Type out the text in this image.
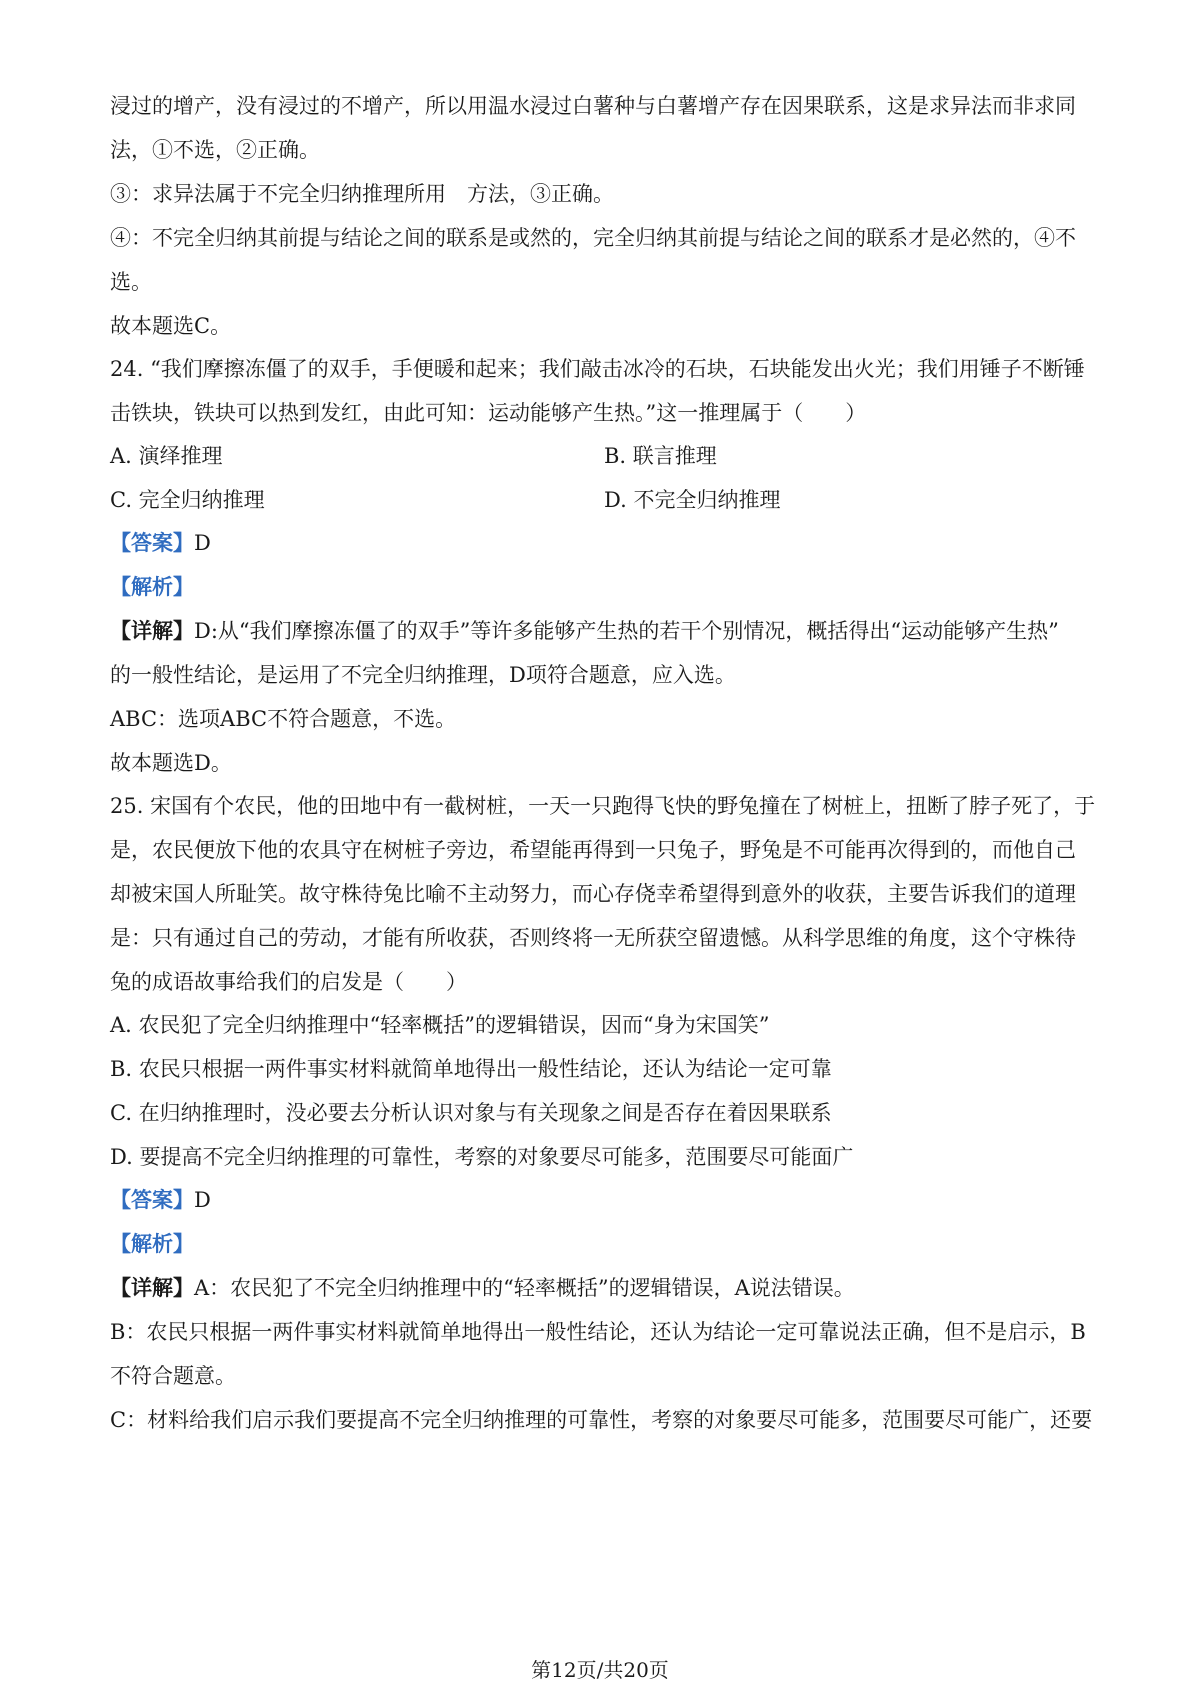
浸过的增产，没有浸过的不增产，所以用温水浸过白薯种与白薯增产存在因果联系，这是求异法而非求同
法，①不选，②正确。
③：求异法属于不完全归纳推理所用　方法，③正确。
④：不完全归纳其前提与结论之间的联系是或然的，完全归纳其前提与结论之间的联系才是必然的，④不
选。
故本题选C。
24. “我们摩擦冻僵了的双手，手便暖和起来；我们敲击冰冷的石块，石块能发出火光；我们用锤子不断锤
击铁块，铁块可以热到发红，由此可知：运动能够产生热。”这一推理属于（　　）
A. 演绎推理	B. 联言推理
C. 完全归纳推理	D. 不完全归纳推理
【答案】D
【解析】
【详解】D:从“我们摩擦冻僵了的双手”等许多能够产生热的若干个别情况，概括得出“运动能够产生热”
的一般性结论，是运用了不完全归纳推理，D项符合题意，应入选。
ABC：选项ABC不符合题意，不选。
故本题选D。
25. 宋国有个农民，他的田地中有一截树桩，一天一只跑得飞快的野兔撞在了树桩上，扭断了脖子死了，于
是，农民便放下他的农具守在树桩子旁边，希望能再得到一只兔子，野兔是不可能再次得到的，而他自己
却被宋国人所耻笑。故守株待兔比喻不主动努力，而心存侥幸希望得到意外的收获，主要告诉我们的道理
是：只有通过自己的劳动，才能有所收获，否则终将一无所获空留遗憾。从科学思维的角度，这个守株待
兔的成语故事给我们的启发是（　　）
A. 农民犯了完全归纳推理中“轻率概括”的逻辑错误，因而“身为宋国笑”
B. 农民只根据一两件事实材料就简单地得出一般性结论，还认为结论一定可靠
C. 在归纳推理时，没必要去分析认识对象与有关现象之间是否存在着因果联系
D. 要提高不完全归纳推理的可靠性，考察的对象要尽可能多，范围要尽可能面广
【答案】D
【解析】
【详解】A：农民犯了不完全归纳推理中的“轻率概括”的逻辑错误，A说法错误。
B：农民只根据一两件事实材料就简单地得出一般性结论，还认为结论一定可靠说法正确，但不是启示，B
不符合题意。
C：材料给我们启示我们要提高不完全归纳推理的可靠性，考察的对象要尽可能多，范围要尽可能广，还要
第12页/共20页
